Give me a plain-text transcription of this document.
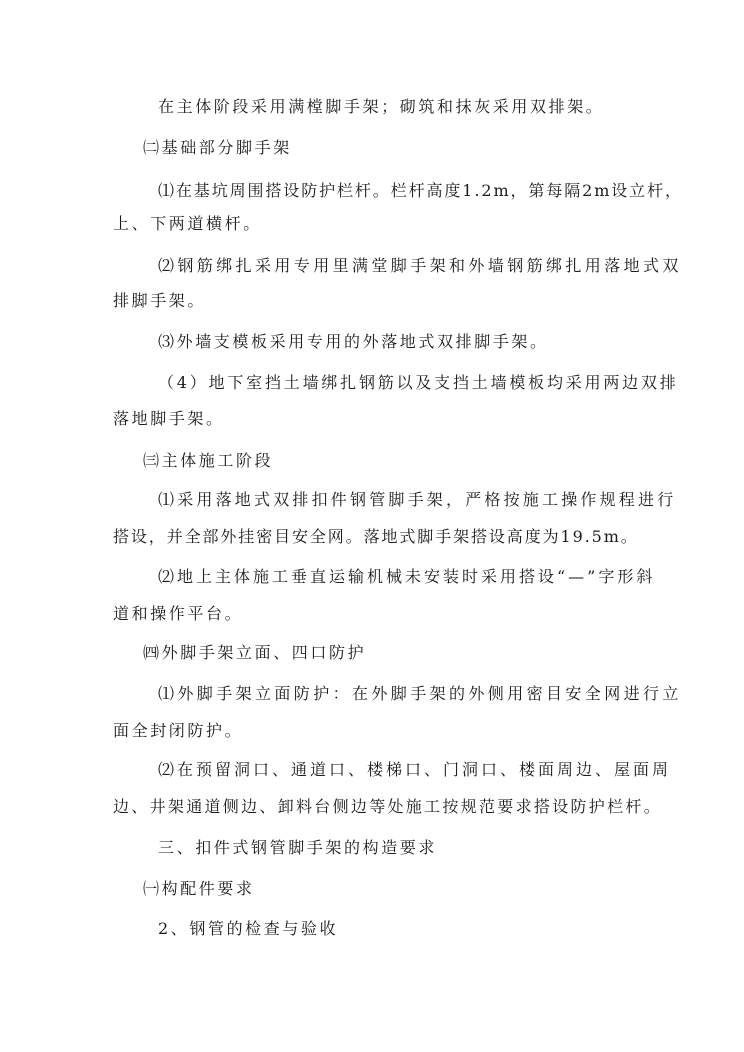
在主体阶段采用满樘脚手架；砌筑和抹灰采用双排架。
㈡基础部分脚手架
⑴在基坑周围搭设防护栏杆。栏杆高度1.2m，第每隔2m设立杆，
上、下两道横杆。
⑵钢筋绑扎采用专用里满堂脚手架和外墙钢筋绑扎用落地式双
排脚手架。
⑶外墙支模板采用专用的外落地式双排脚手架。
（4）地下室挡土墙绑扎钢筋以及支挡土墙模板均采用两边双排
落地脚手架。
㈢主体施工阶段
⑴采用落地式双排扣件钢管脚手架，严格按施工操作规程进行
搭设，并全部外挂密目安全网。落地式脚手架搭设高度为19.5m。
⑵地上主体施工垂直运输机械未安装时采用搭设“—”字形斜
道和操作平台。
㈣外脚手架立面、四口防护
⑴外脚手架立面防护：在外脚手架的外侧用密目安全网进行立
面全封闭防护。
⑵在预留洞口、通道口、楼梯口、门洞口、楼面周边、屋面周
边、井架通道侧边、卸料台侧边等处施工按规范要求搭设防护栏杆。
三、扣件式钢管脚手架的构造要求
㈠构配件要求
2、钢管的检查与验收
